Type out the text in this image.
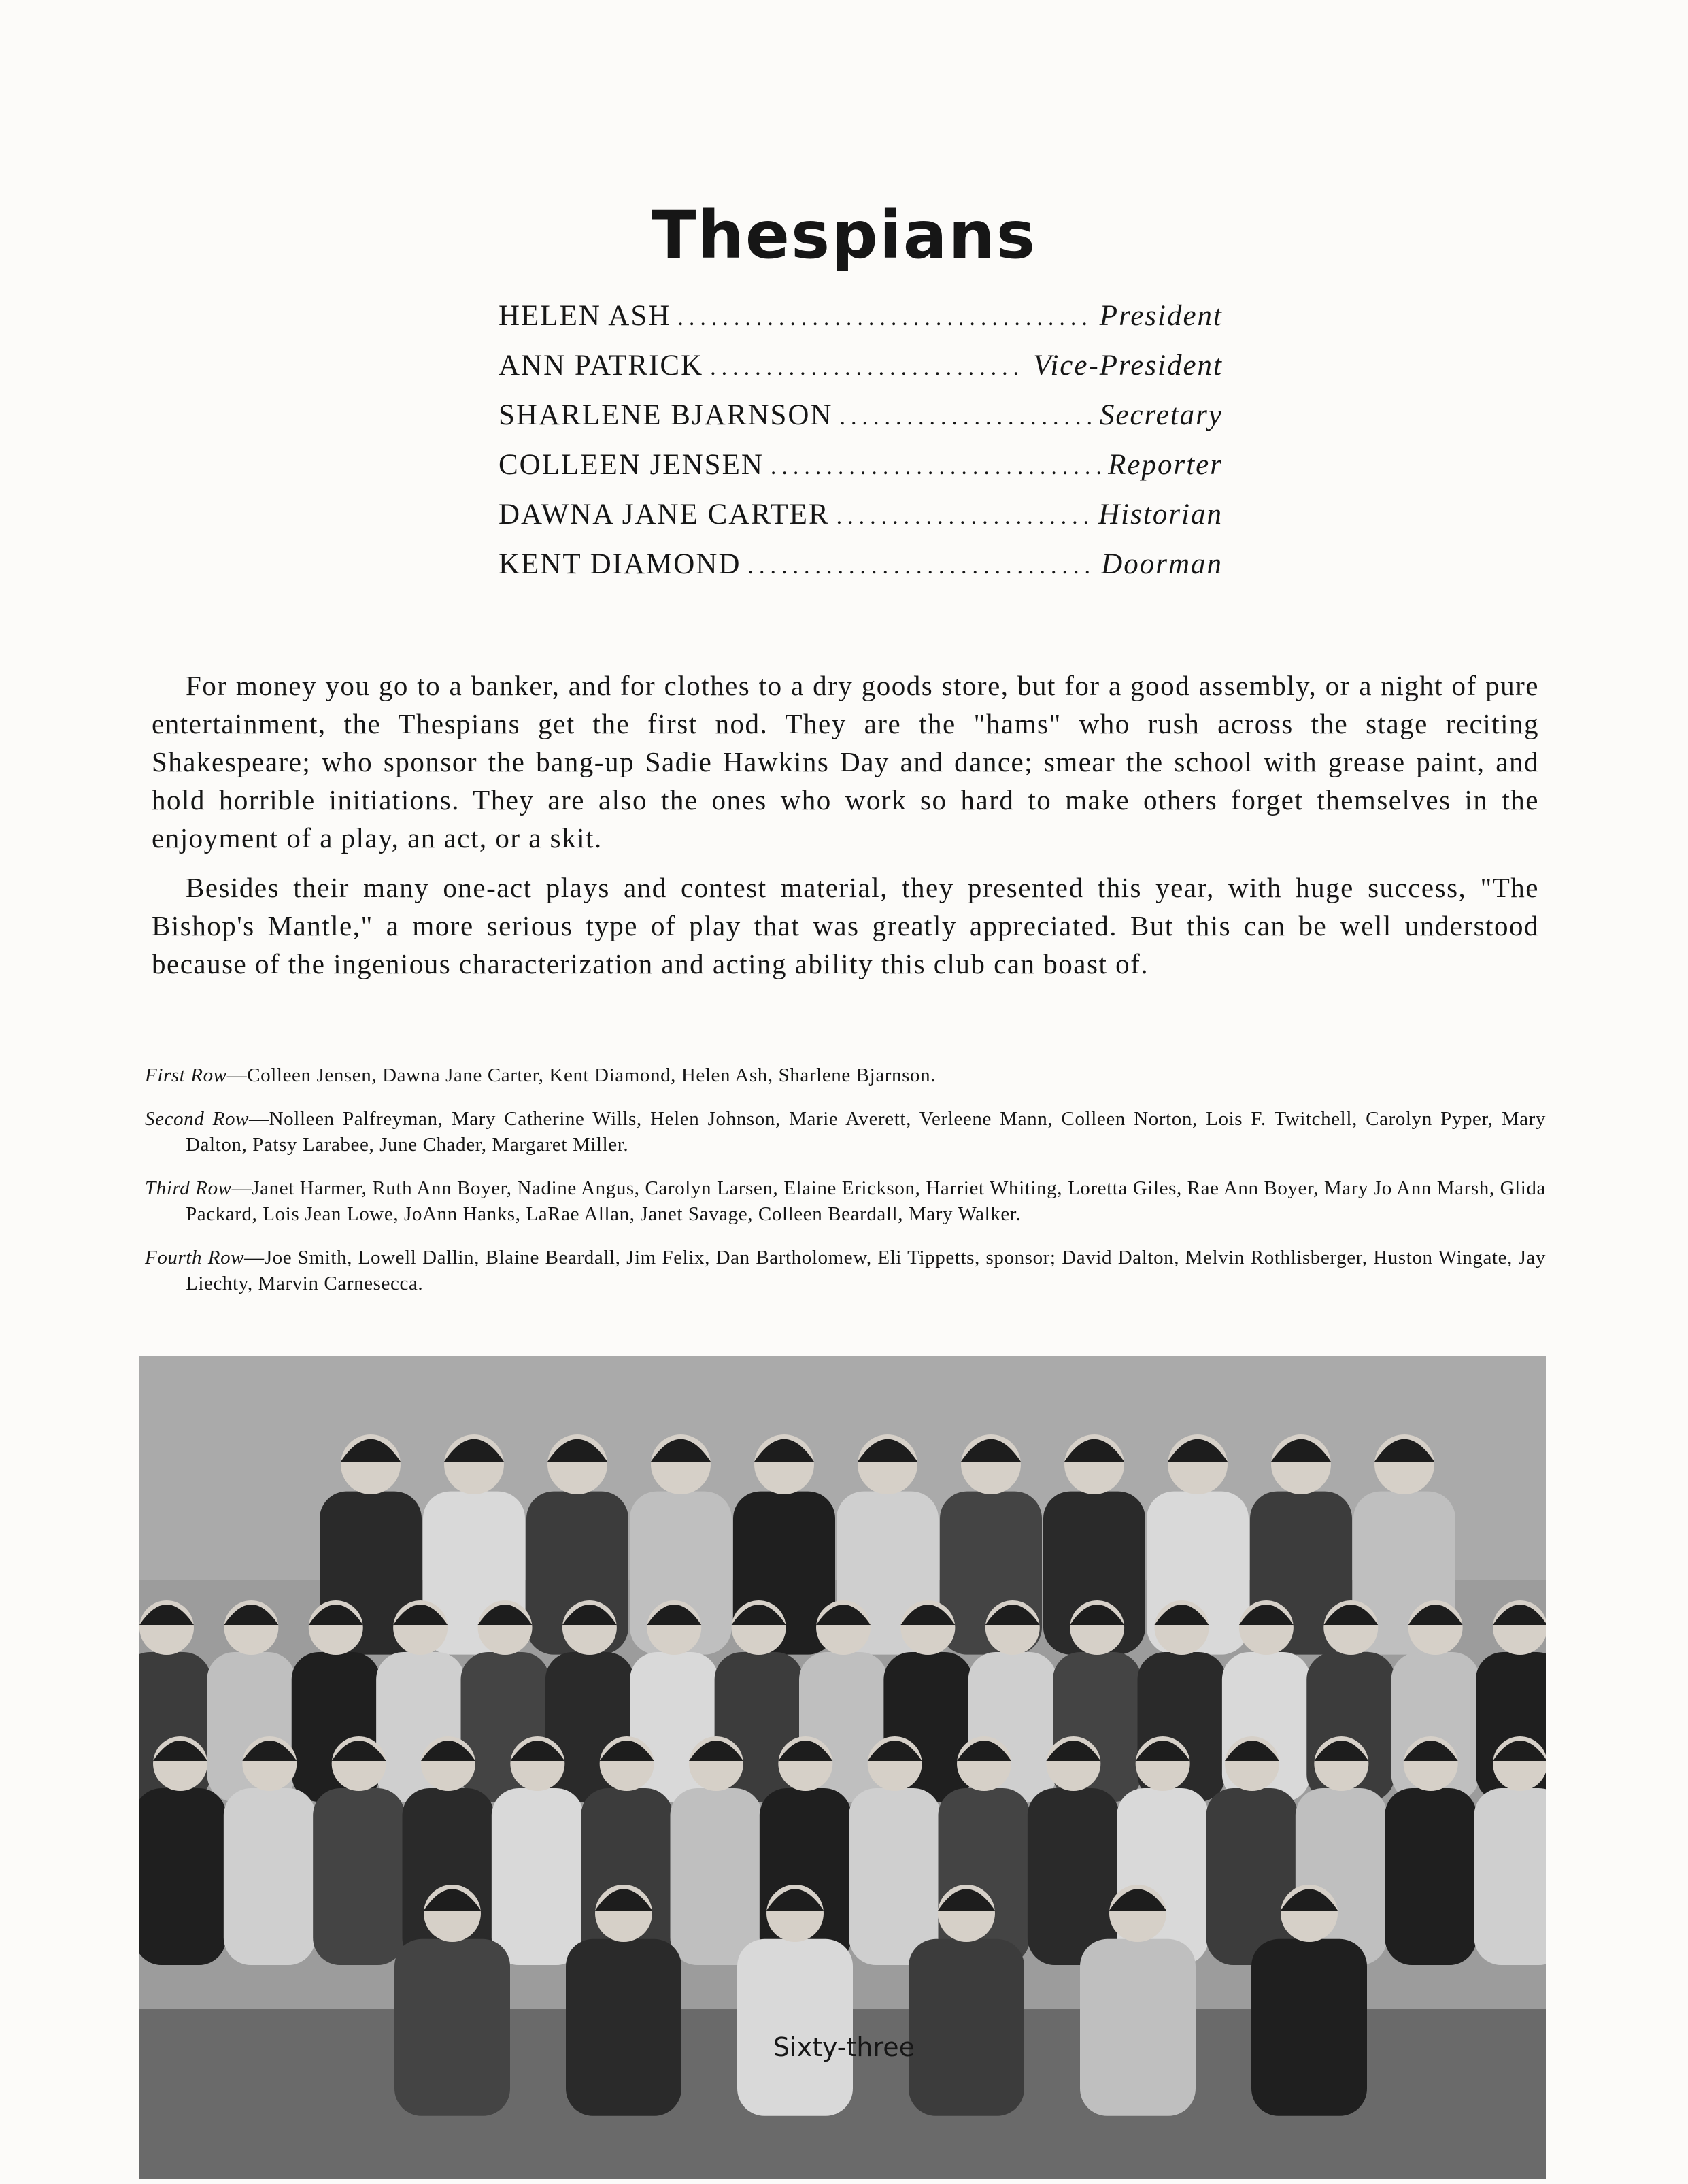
Thespians
HELEN ASH .....	President
ANN PATRICK .....	Vice-President
SHARLENE BJARNSON .....	Secretary
COLLEEN JENSEN .....	Reporter
DAWNA JANE CARTER .....	Historian
KENT DIAMOND .....	Doorman

For money you go to a banker, and for clothes to a dry goods store, but for a good assembly, or a night of pure entertainment, the Thespians get the first nod. They are the "hams" who rush across the stage reciting Shakespeare; who sponsor the bang-up Sadie Hawkins Day and dance; smear the school with grease paint, and hold horrible initiations. They are also the ones who work so hard to make others forget themselves in the enjoyment of a play, an act, or a skit.

Besides their many one-act plays and contest material, they presented this year, with huge success, "The Bishop's Mantle," a more serious type of play that was greatly appreciated. But this can be well understood because of the ingenious characterization and acting ability this club can boast of.

First Row—Colleen Jensen, Dawna Jane Carter, Kent Diamond, Helen Ash, Sharlene Bjarnson.

Second Row—Nolleen Palfreyman, Mary Catherine Wills, Helen Johnson, Marie Averett, Verleene Mann, Colleen Norton, Lois F. Twitchell, Carolyn Pyper, Mary Dalton, Patsy Larabee, June Chader, Margaret Miller.

Third Row—Janet Harmer, Ruth Ann Boyer, Nadine Angus, Carolyn Larsen, Elaine Erickson, Harriet Whiting, Loretta Giles, Rae Ann Boyer, Mary Jo Ann Marsh, Glida Packard, Lois Jean Lowe, JoAnn Hanks, LaRae Allan, Janet Savage, Colleen Beardall, Mary Walker.

Fourth Row—Joe Smith, Lowell Dallin, Blaine Beardall, Jim Felix, Dan Bartholomew, Eli Tippetts, sponsor; David Dalton, Melvin Rothlisberger, Huston Wingate, Jay Liechty, Marvin Carnesecca.

Sixty-three
